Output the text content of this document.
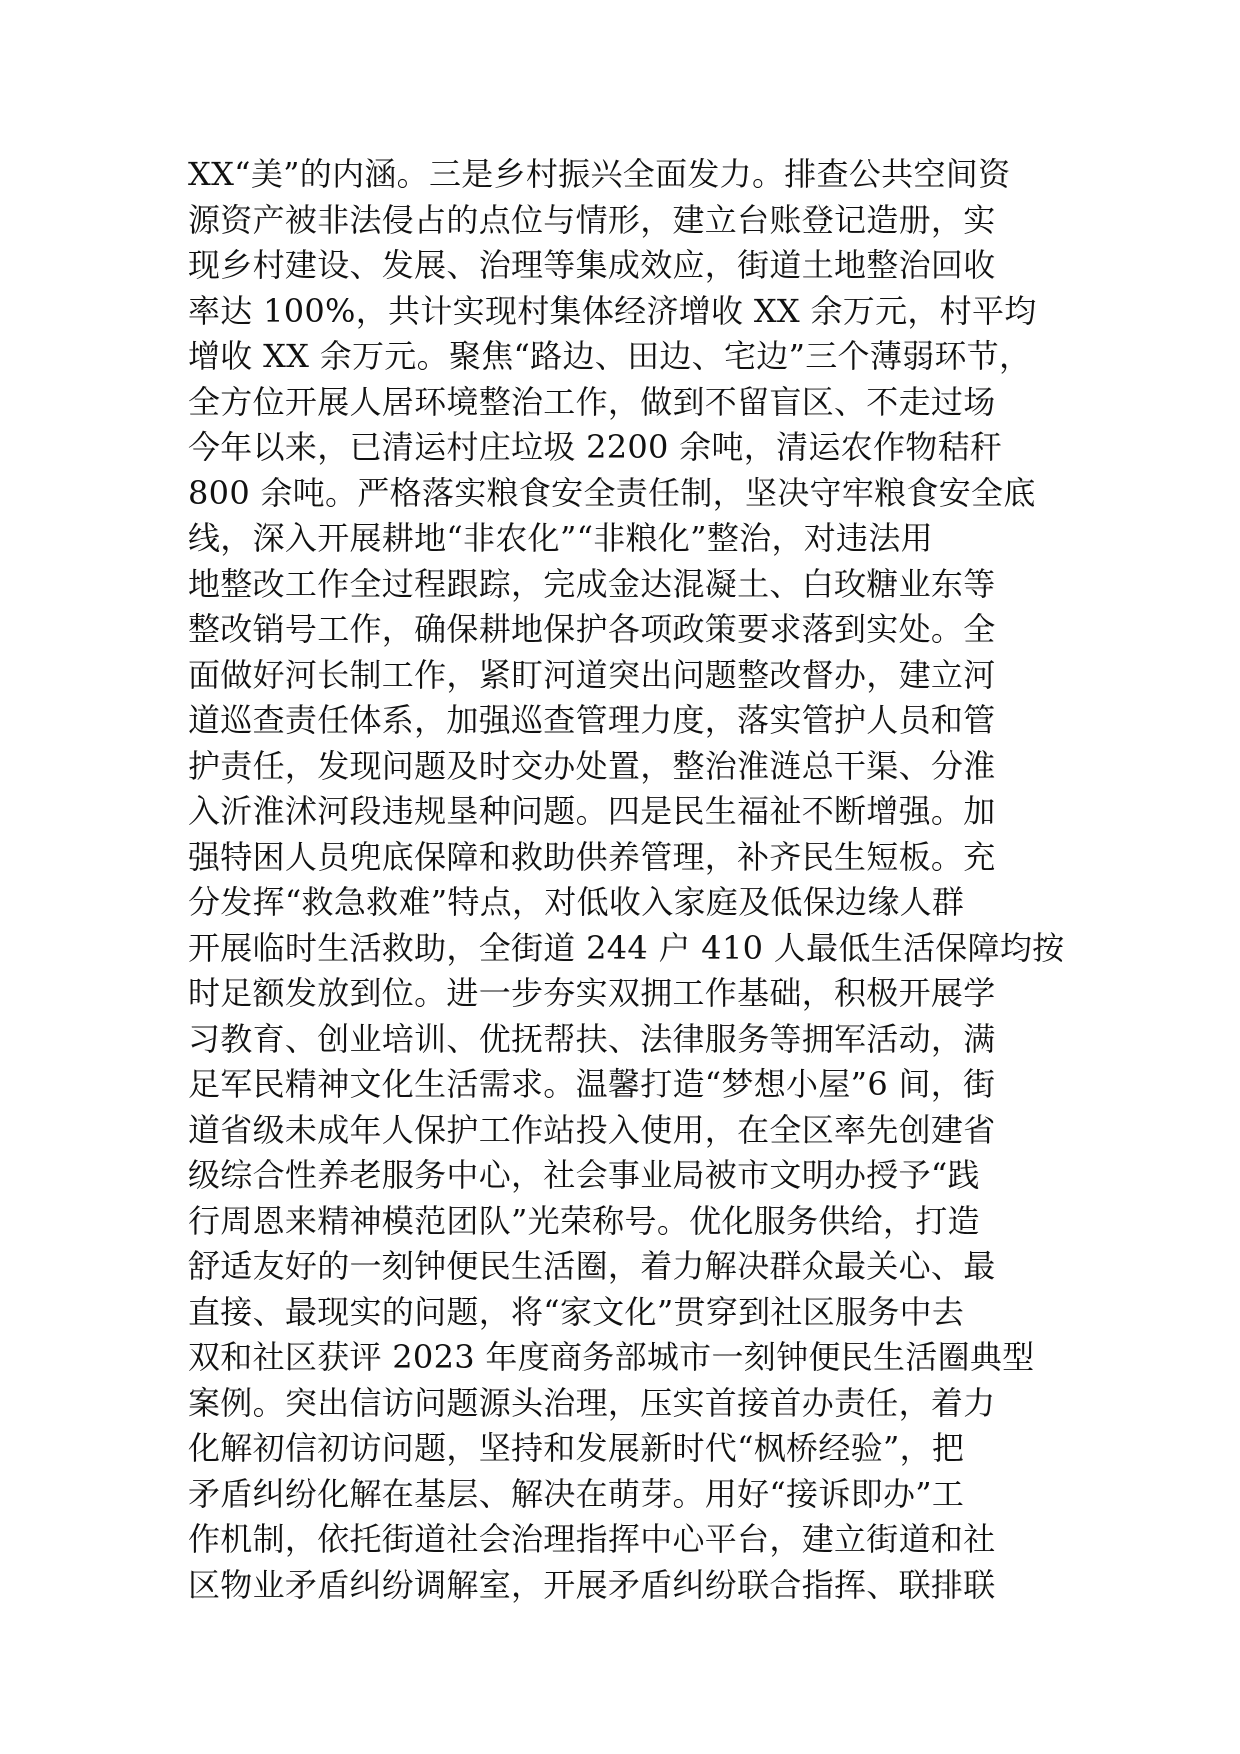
XX“美”的内涵。三是乡村振兴全面发力。排查公共空间资
源资产被非法侵占的点位与情形，建立台账登记造册，实
现乡村建设、发展、治理等集成效应，街道土地整治回收
率达 100%，共计实现村集体经济增收 XX 余万元，村平均
增收 XX 余万元。聚焦“路边、田边、宅边”三个薄弱环节，
全方位开展人居环境整治工作，做到不留盲区、不走过场
今年以来，已清运村庄垃圾 2200 余吨，清运农作物秸秆
800 余吨。严格落实粮食安全责任制，坚决守牢粮食安全底
线，深入开展耕地“非农化”“非粮化”整治，对违法用
地整改工作全过程跟踪，完成金达混凝土、白玫糖业东等
整改销号工作，确保耕地保护各项政策要求落到实处。全
面做好河长制工作，紧盯河道突出问题整改督办，建立河
道巡查责任体系，加强巡查管理力度，落实管护人员和管
护责任，发现问题及时交办处置，整治淮涟总干渠、分淮
入沂淮沭河段违规垦种问题。四是民生福祉不断增强。加
强特困人员兜底保障和救助供养管理，补齐民生短板。充
分发挥“救急救难”特点，对低收入家庭及低保边缘人群
开展临时生活救助，全街道 244 户 410 人最低生活保障均按
时足额发放到位。进一步夯实双拥工作基础，积极开展学
习教育、创业培训、优抚帮扶、法律服务等拥军活动，满
足军民精神文化生活需求。温馨打造“梦想小屋”6 间，街
道省级未成年人保护工作站投入使用，在全区率先创建省
级综合性养老服务中心，社会事业局被市文明办授予“践
行周恩来精神模范团队”光荣称号。优化服务供给，打造
舒适友好的一刻钟便民生活圈，着力解决群众最关心、最
直接、最现实的问题，将“家文化”贯穿到社区服务中去
双和社区获评 2023 年度商务部城市一刻钟便民生活圈典型
案例。突出信访问题源头治理，压实首接首办责任，着力
化解初信初访问题，坚持和发展新时代“枫桥经验”，把
矛盾纠纷化解在基层、解决在萌芽。用好“接诉即办”工
作机制，依托街道社会治理指挥中心平台，建立街道和社
区物业矛盾纠纷调解室，开展矛盾纠纷联合指挥、联排联
